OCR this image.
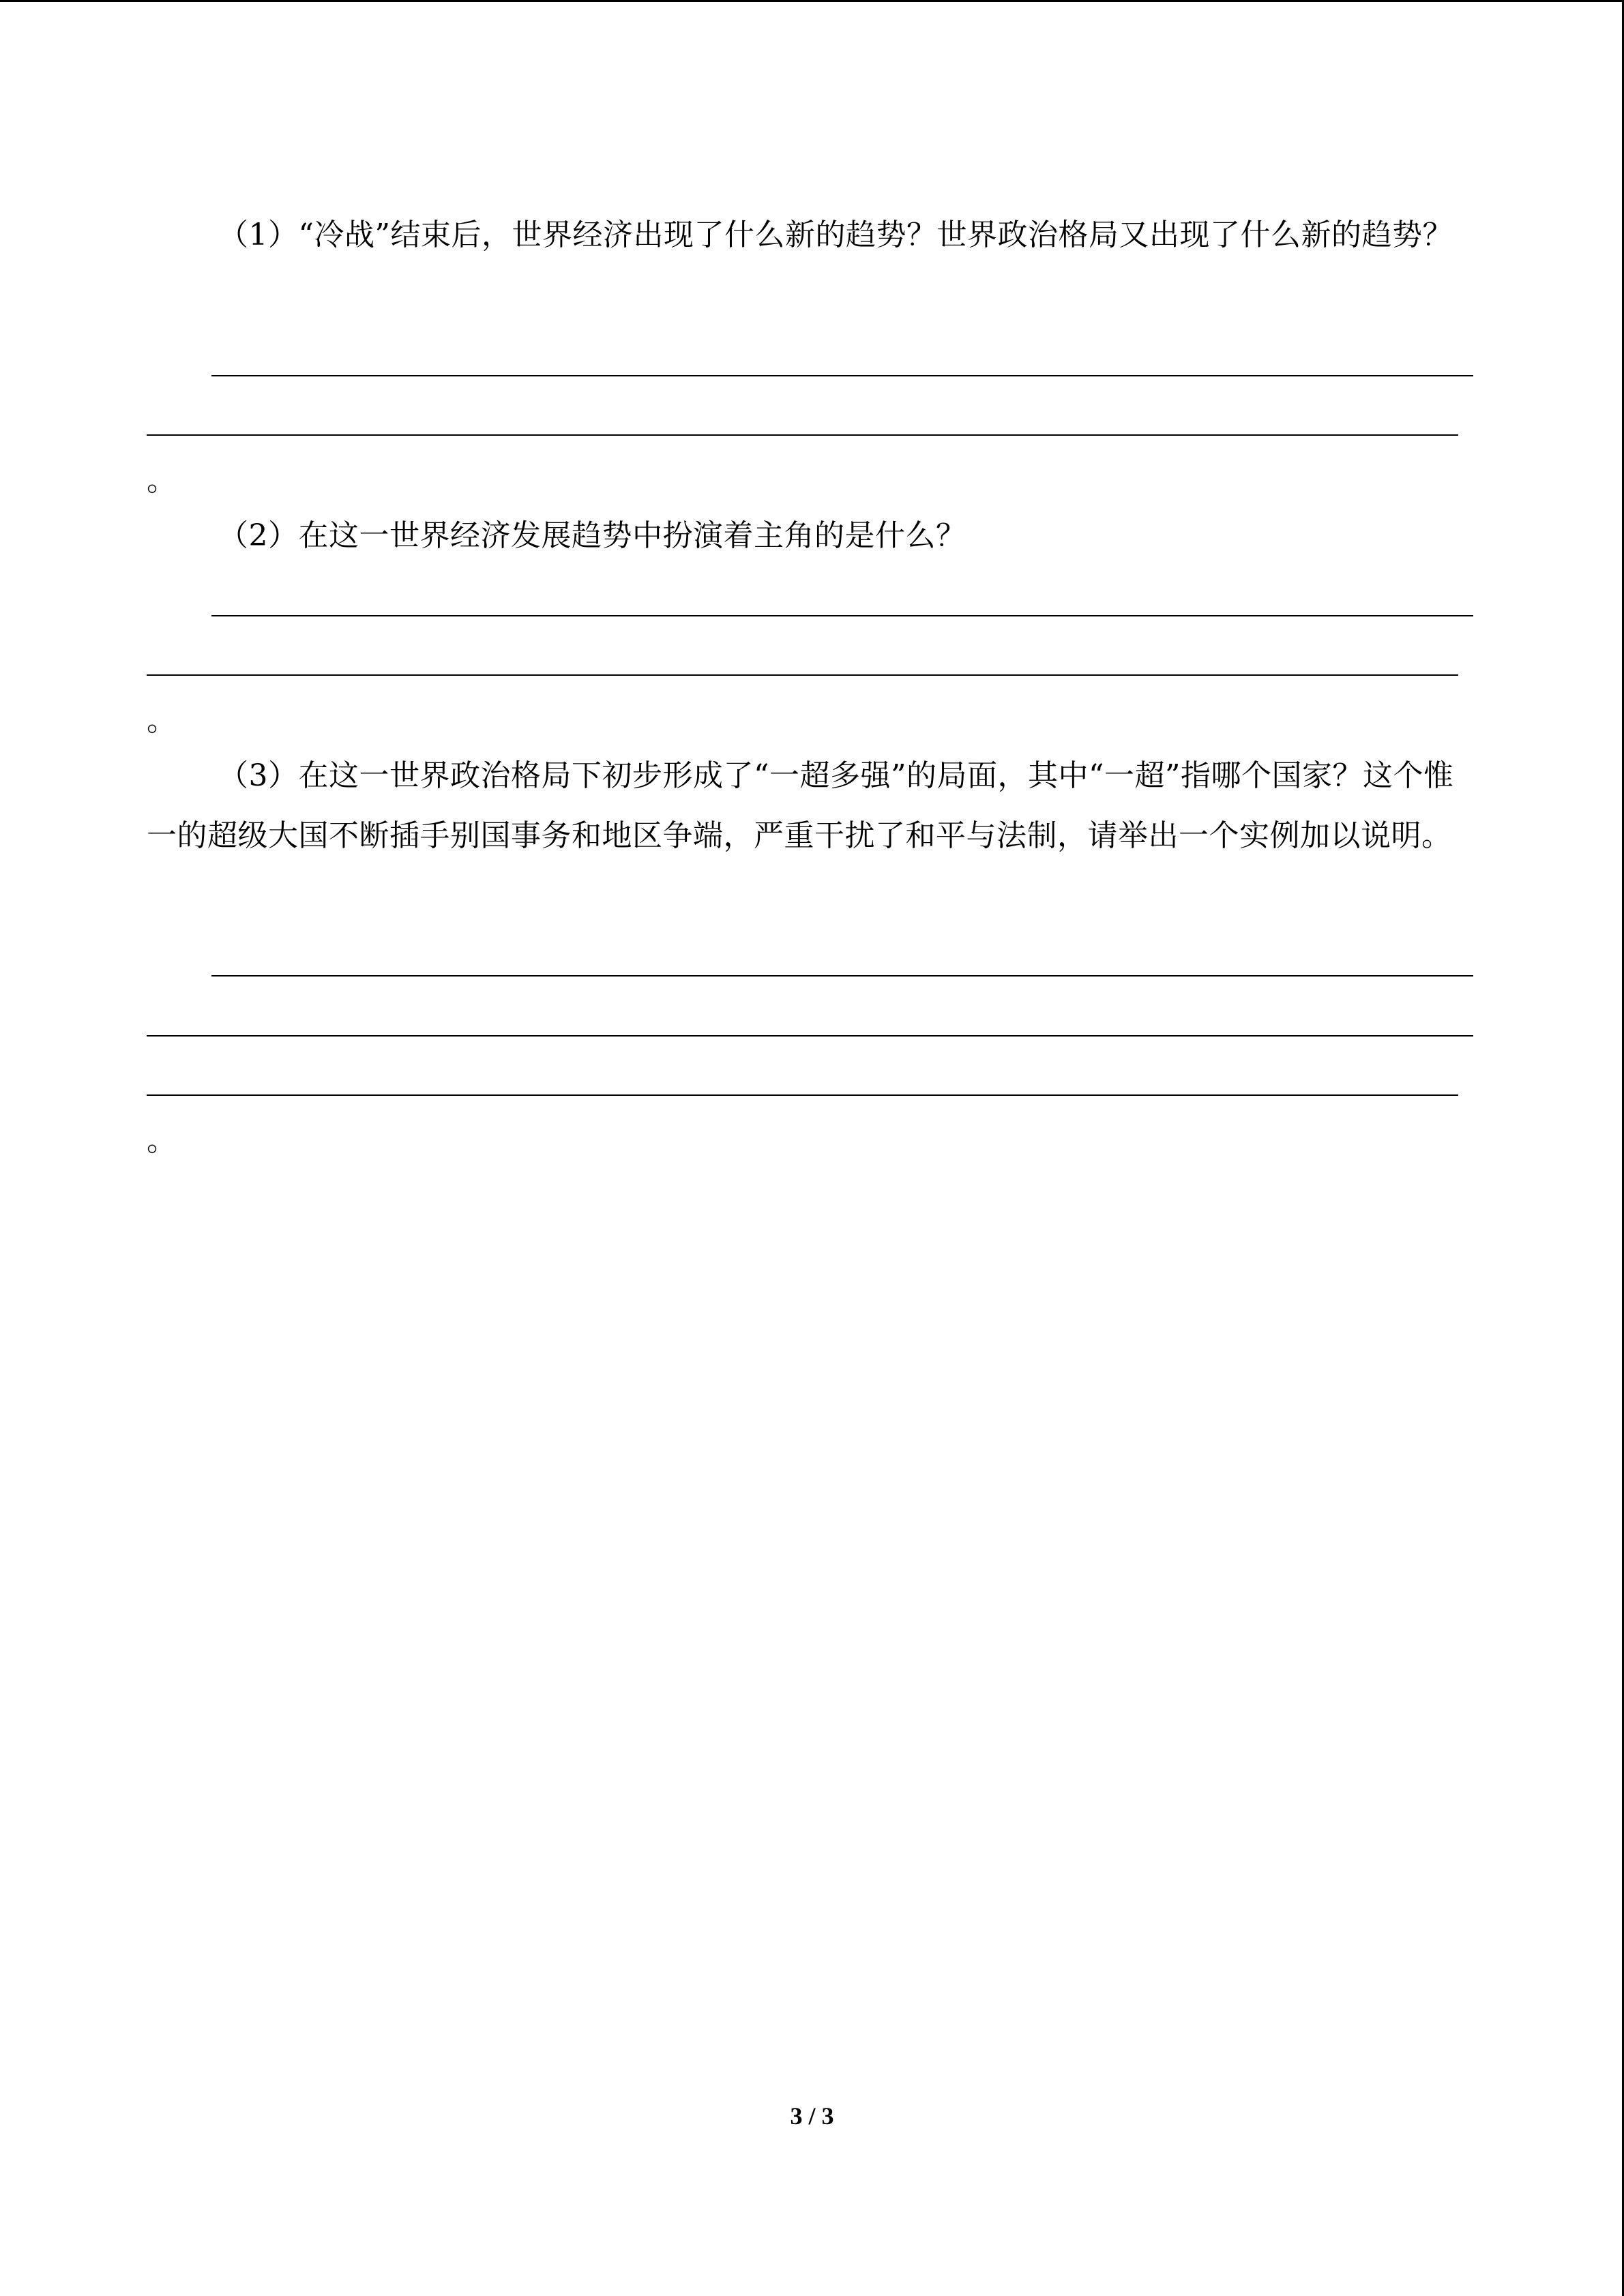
（1）“冷战”结束后，世界经济出现了什么新的趋势？世界政治格局又出现了什么新的趋势？
。
（2）在这一世界经济发展趋势中扮演着主角的是什么？
。
（3）在这一世界政治格局下初步形成了“一超多强”的局面，其中“一超”指哪个国家？这个惟一的超级大国不断插手别国事务和地区争端，严重干扰了和平与法制，请举出一个实例加以说明。
。
3 / 3
